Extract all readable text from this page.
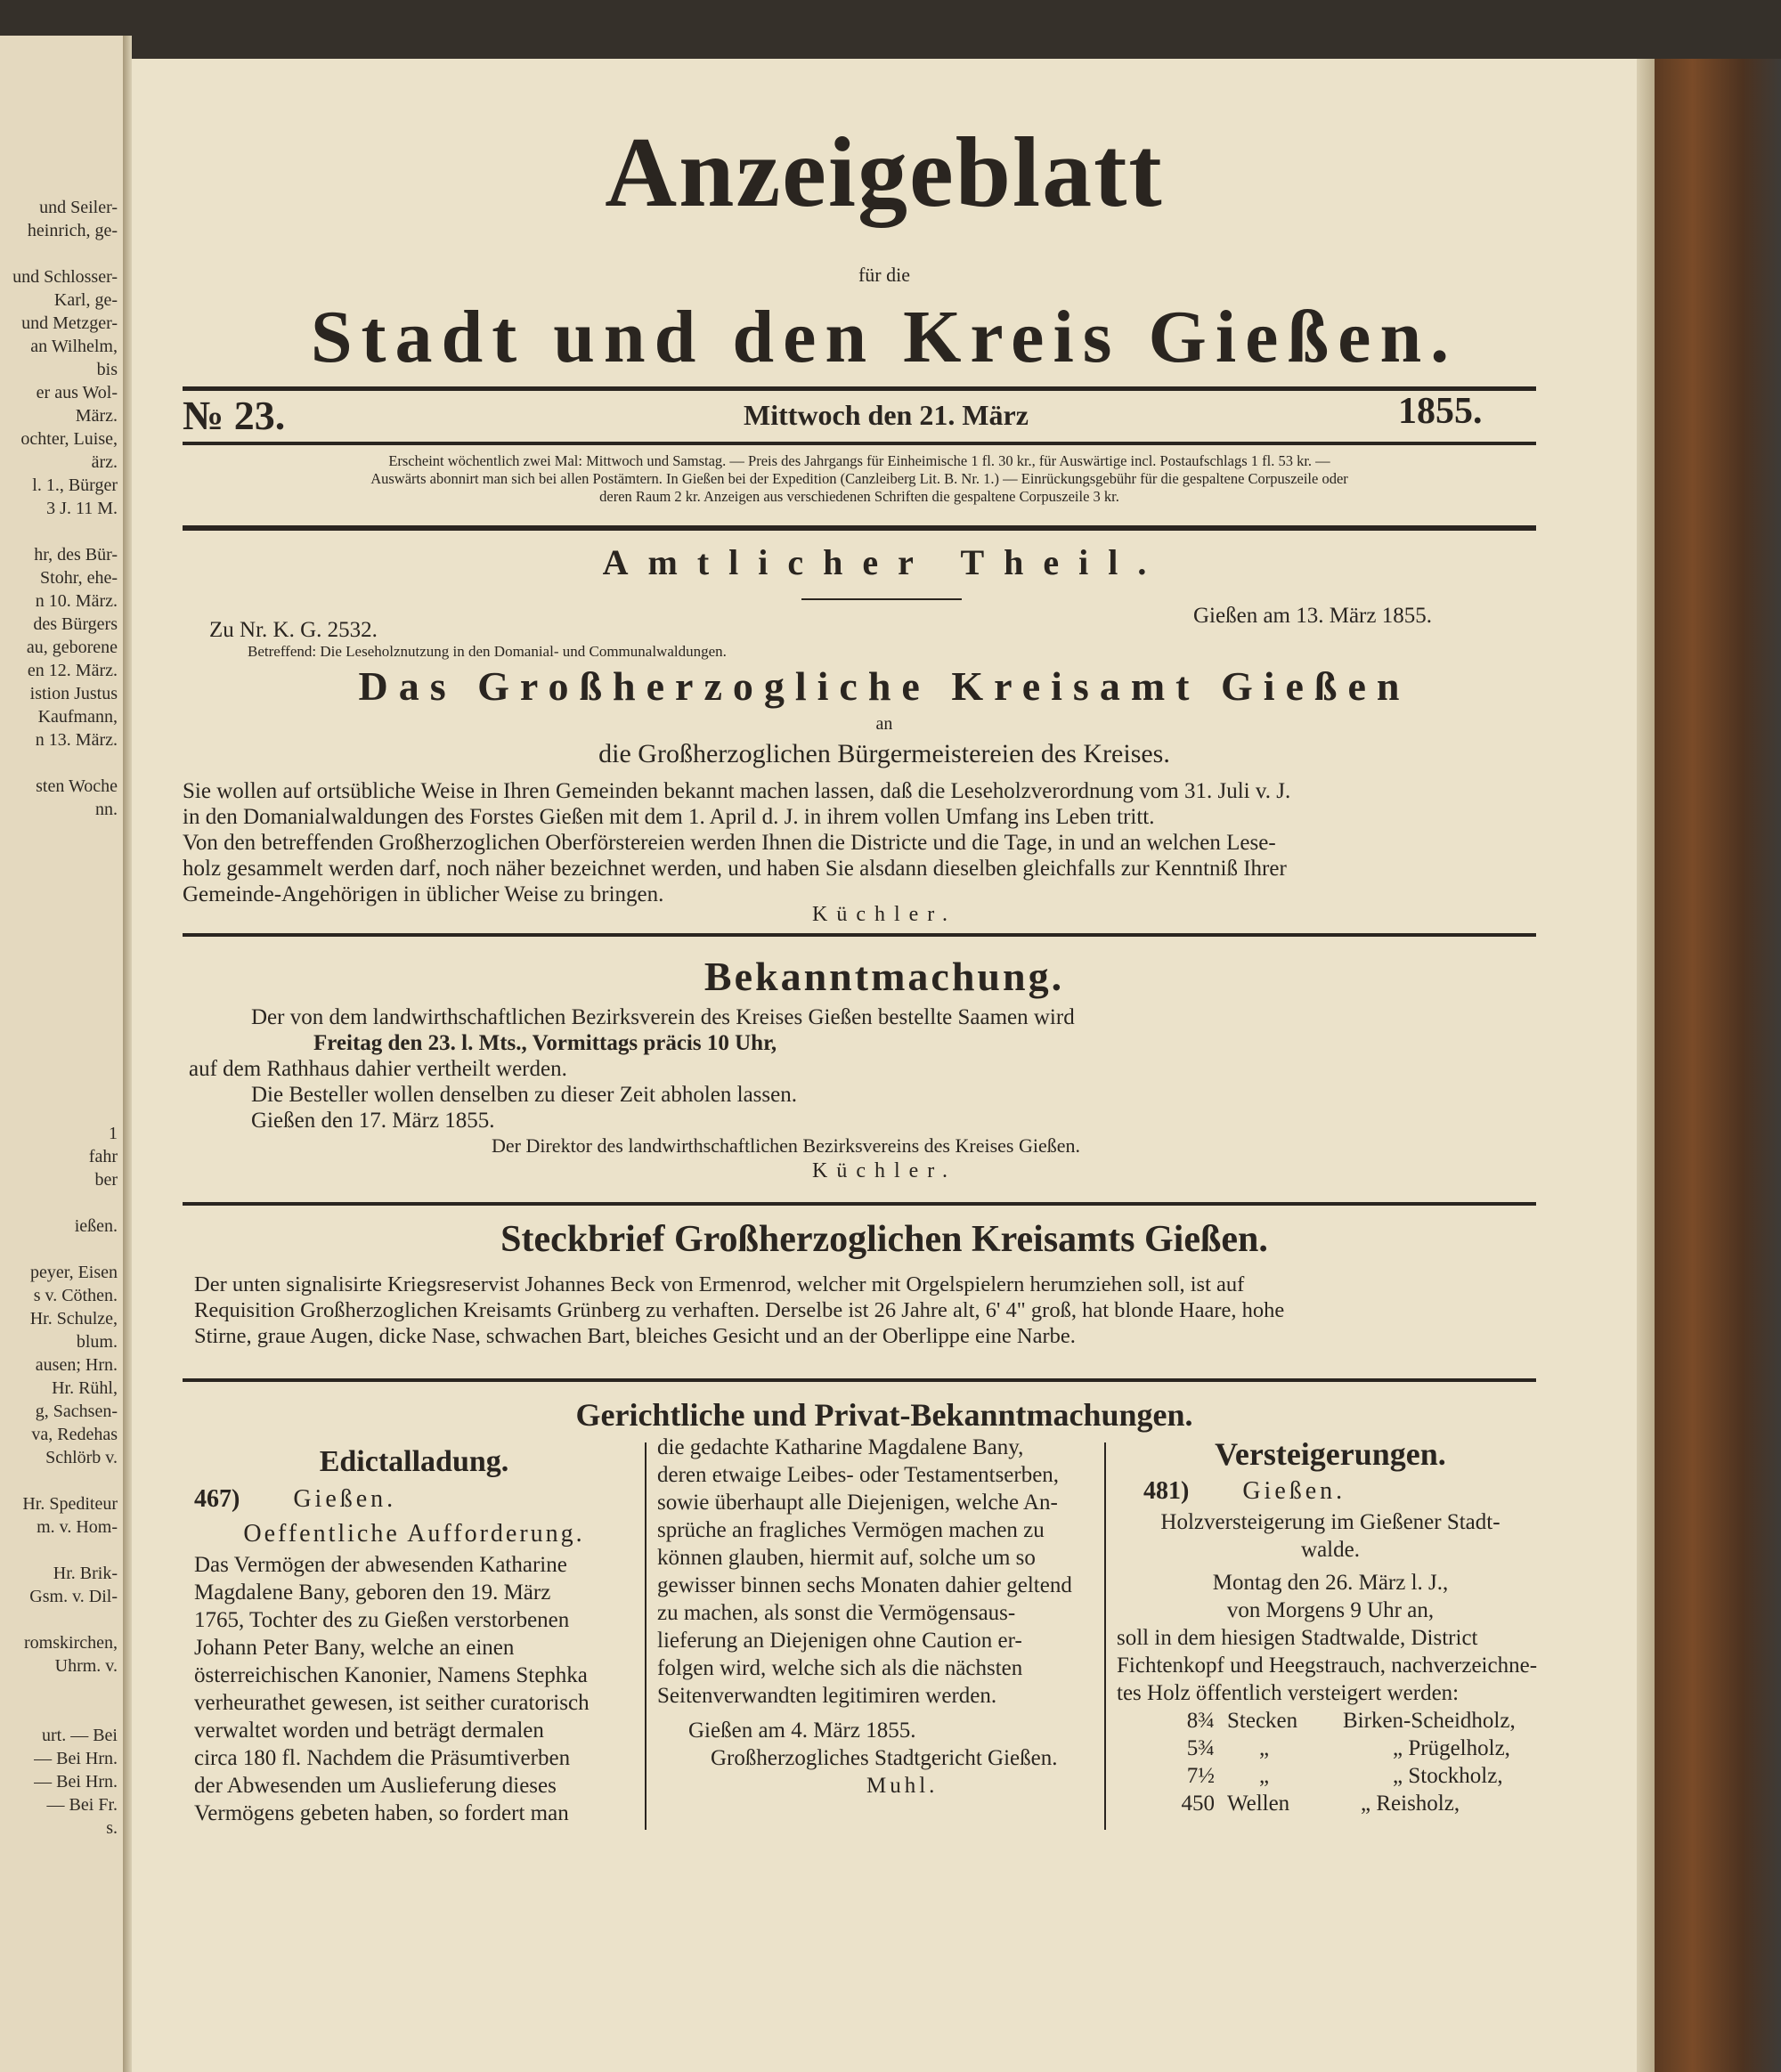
und Seiler-
heinrich, ge-

und Schlosser-
Karl, ge-
und Metzger-
an Wilhelm,
bis
er aus Wol-
März.
ochter, Luise,
ärz.
l. 1., Bürger
3 J. 11 M.

hr, des Bür-
Stohr, ehe-
n 10. März.
des Bürgers
au, geborene
en 12. März.
istion Justus
Kaufmann,
n 13. März.

sten Woche
nn.

1
fahr
ber

ießen.

peyer, Eisen
s v. Cöthen.
Hr. Schulze,
blum.
ausen; Hrn.
Hr. Rühl,
g, Sachsen-
va, Redehas
Schlörb v.

Hr. Spediteur
m. v. Hom-

Hr. Brik-
Gsm. v. Dil-

romskirchen,
Uhrm. v.

urt. — Bei
— Bei Hrn.
— Bei Hrn.
— Bei Fr.
s.
Anzeigeblatt
für die
Stadt und den Kreis Gießen.
№ 23.	Mittwoch den 21. März	1855.
Erscheint wöchentlich zwei Mal: Mittwoch und Samstag. — Preis des Jahrgangs für Einheimische 1 fl. 30 kr., für Auswärtige incl. Postaufschlags 1 fl. 53 kr. —
Auswärts abonnirt man sich bei allen Postämtern. In Gießen bei der Expedition (Canzleiberg Lit. B. Nr. 1.) — Einrückungsgebühr für die gespaltene Corpuszeile oder
deren Raum 2 kr. Anzeigen aus verschiedenen Schriften die gespaltene Corpuszeile 3 kr.
Amtlicher Theil.
Gießen am 13. März 1855.
Zu Nr. K. G. 2532.
Betreffend: Die Leseholznutzung in den Domanial- und Communalwaldungen.
Das Großherzogliche Kreisamt Gießen
an
die Großherzoglichen Bürgermeistereien des Kreises.
Sie wollen auf ortsübliche Weise in Ihren Gemeinden bekannt machen lassen, daß die Leseholzverordnung vom 31. Juli v. J.
in den Domanialwaldungen des Forstes Gießen mit dem 1. April d. J. in ihrem vollen Umfang ins Leben tritt.
Von den betreffenden Großherzoglichen Oberförstereien werden Ihnen die Districte und die Tage, in und an welchen Lese-
holz gesammelt werden darf, noch näher bezeichnet werden, und haben Sie alsdann dieselben gleichfalls zur Kenntniß Ihrer
Gemeinde-Angehörigen in üblicher Weise zu bringen.
Küchler.
Bekanntmachung.
Der von dem landwirthschaftlichen Bezirksverein des Kreises Gießen bestellte Saamen wird
Freitag den 23. l. Mts., Vormittags präcis 10 Uhr,
auf dem Rathhaus dahier vertheilt werden.
Die Besteller wollen denselben zu dieser Zeit abholen lassen.
Gießen den 17. März 1855.
Der Direktor des landwirthschaftlichen Bezirksvereins des Kreises Gießen.
Küchler.
Steckbrief Großherzoglichen Kreisamts Gießen.
Der unten signalisirte Kriegsreservist Johannes Beck von Ermenrod, welcher mit Orgelspielern herumziehen soll, ist auf
Requisition Großherzoglichen Kreisamts Grünberg zu verhaften. Derselbe ist 26 Jahre alt, 6' 4" groß, hat blonde Haare, hohe
Stirne, graue Augen, dicke Nase, schwachen Bart, bleiches Gesicht und an der Oberlippe eine Narbe.
Gerichtliche und Privat-Bekanntmachungen.
Edictalladung.
467) Gießen.
Oeffentliche Aufforderung.
Das Vermögen der abwesenden Katharine
Magdalene Bany, geboren den 19. März
1765, Tochter des zu Gießen verstorbenen
Johann Peter Bany, welche an einen
österreichischen Kanonier, Namens Stephka
verheurathet gewesen, ist seither curatorisch
verwaltet worden und beträgt dermalen
circa 180 fl. Nachdem die Präsumtiverben
der Abwesenden um Auslieferung dieses
Vermögens gebeten haben, so fordert man
die gedachte Katharine Magdalene Bany,
deren etwaige Leibes- oder Testamentserben,
sowie überhaupt alle Diejenigen, welche An-
sprüche an fragliches Vermögen machen zu
können glauben, hiermit auf, solche um so
gewisser binnen sechs Monaten dahier geltend
zu machen, als sonst die Vermögensaus-
lieferung an Diejenigen ohne Caution er-
folgen wird, welche sich als die nächsten
Seitenverwandten legitimiren werden.
Gießen am 4. März 1855.
Großherzogliches Stadtgericht Gießen.
Muhl.
Versteigerungen.
481) Gießen.
Holzversteigerung im Gießener Stadt-
walde.
Montag den 26. März l. J.,
von Morgens 9 Uhr an,
soll in dem hiesigen Stadtwalde, District
Fichtenkopf und Heegstrauch, nachverzeichne-
tes Holz öffentlich versteigert werden:
8¾ Stecken Birken-Scheidholz,
5¾ „	„ Prügelholz,
7½ „	„ Stockholz,
450 Wellen	„ Reisholz,
